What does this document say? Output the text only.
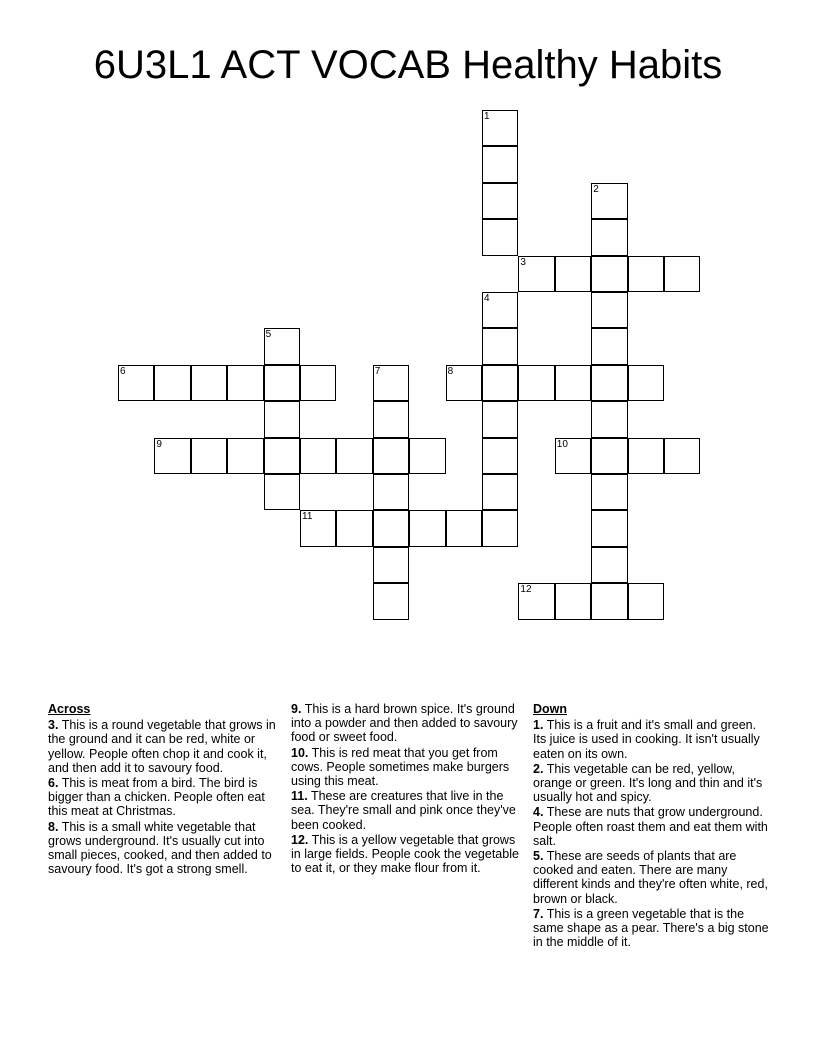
6U3L1 ACT VOCAB Healthy Habits
1
2
3
4
5
6	7	8
9	10
11
12
Across
3. This is a round vegetable that grows in the ground and it can be red, white or yellow. People often chop it and cook it, and then add it to savoury food.
6. This is meat from a bird. The bird is bigger than a chicken. People often eat this meat at Christmas.
8. This is a small white vegetable that grows underground. It's usually cut into small pieces, cooked, and then added to savoury food. It's got a strong smell.
9. This is a hard brown spice. It's ground into a powder and then added to savoury food or sweet food.
10. This is red meat that you get from cows. People sometimes make burgers using this meat.
11. These are creatures that live in the sea. They're small and pink once they've been cooked.
12. This is a yellow vegetable that grows in large fields. People cook the vegetable to eat it, or they make flour from it.
Down
1. This is a fruit and it's small and green. Its juice is used in cooking. It isn't usually eaten on its own.
2. This vegetable can be red, yellow, orange or green. It's long and thin and it's usually hot and spicy.
4. These are nuts that grow underground. People often roast them and eat them with salt.
5. These are seeds of plants that are cooked and eaten. There are many different kinds and they're often white, red, brown or black.
7. This is a green vegetable that is the same shape as a pear. There's a big stone in the middle of it.
